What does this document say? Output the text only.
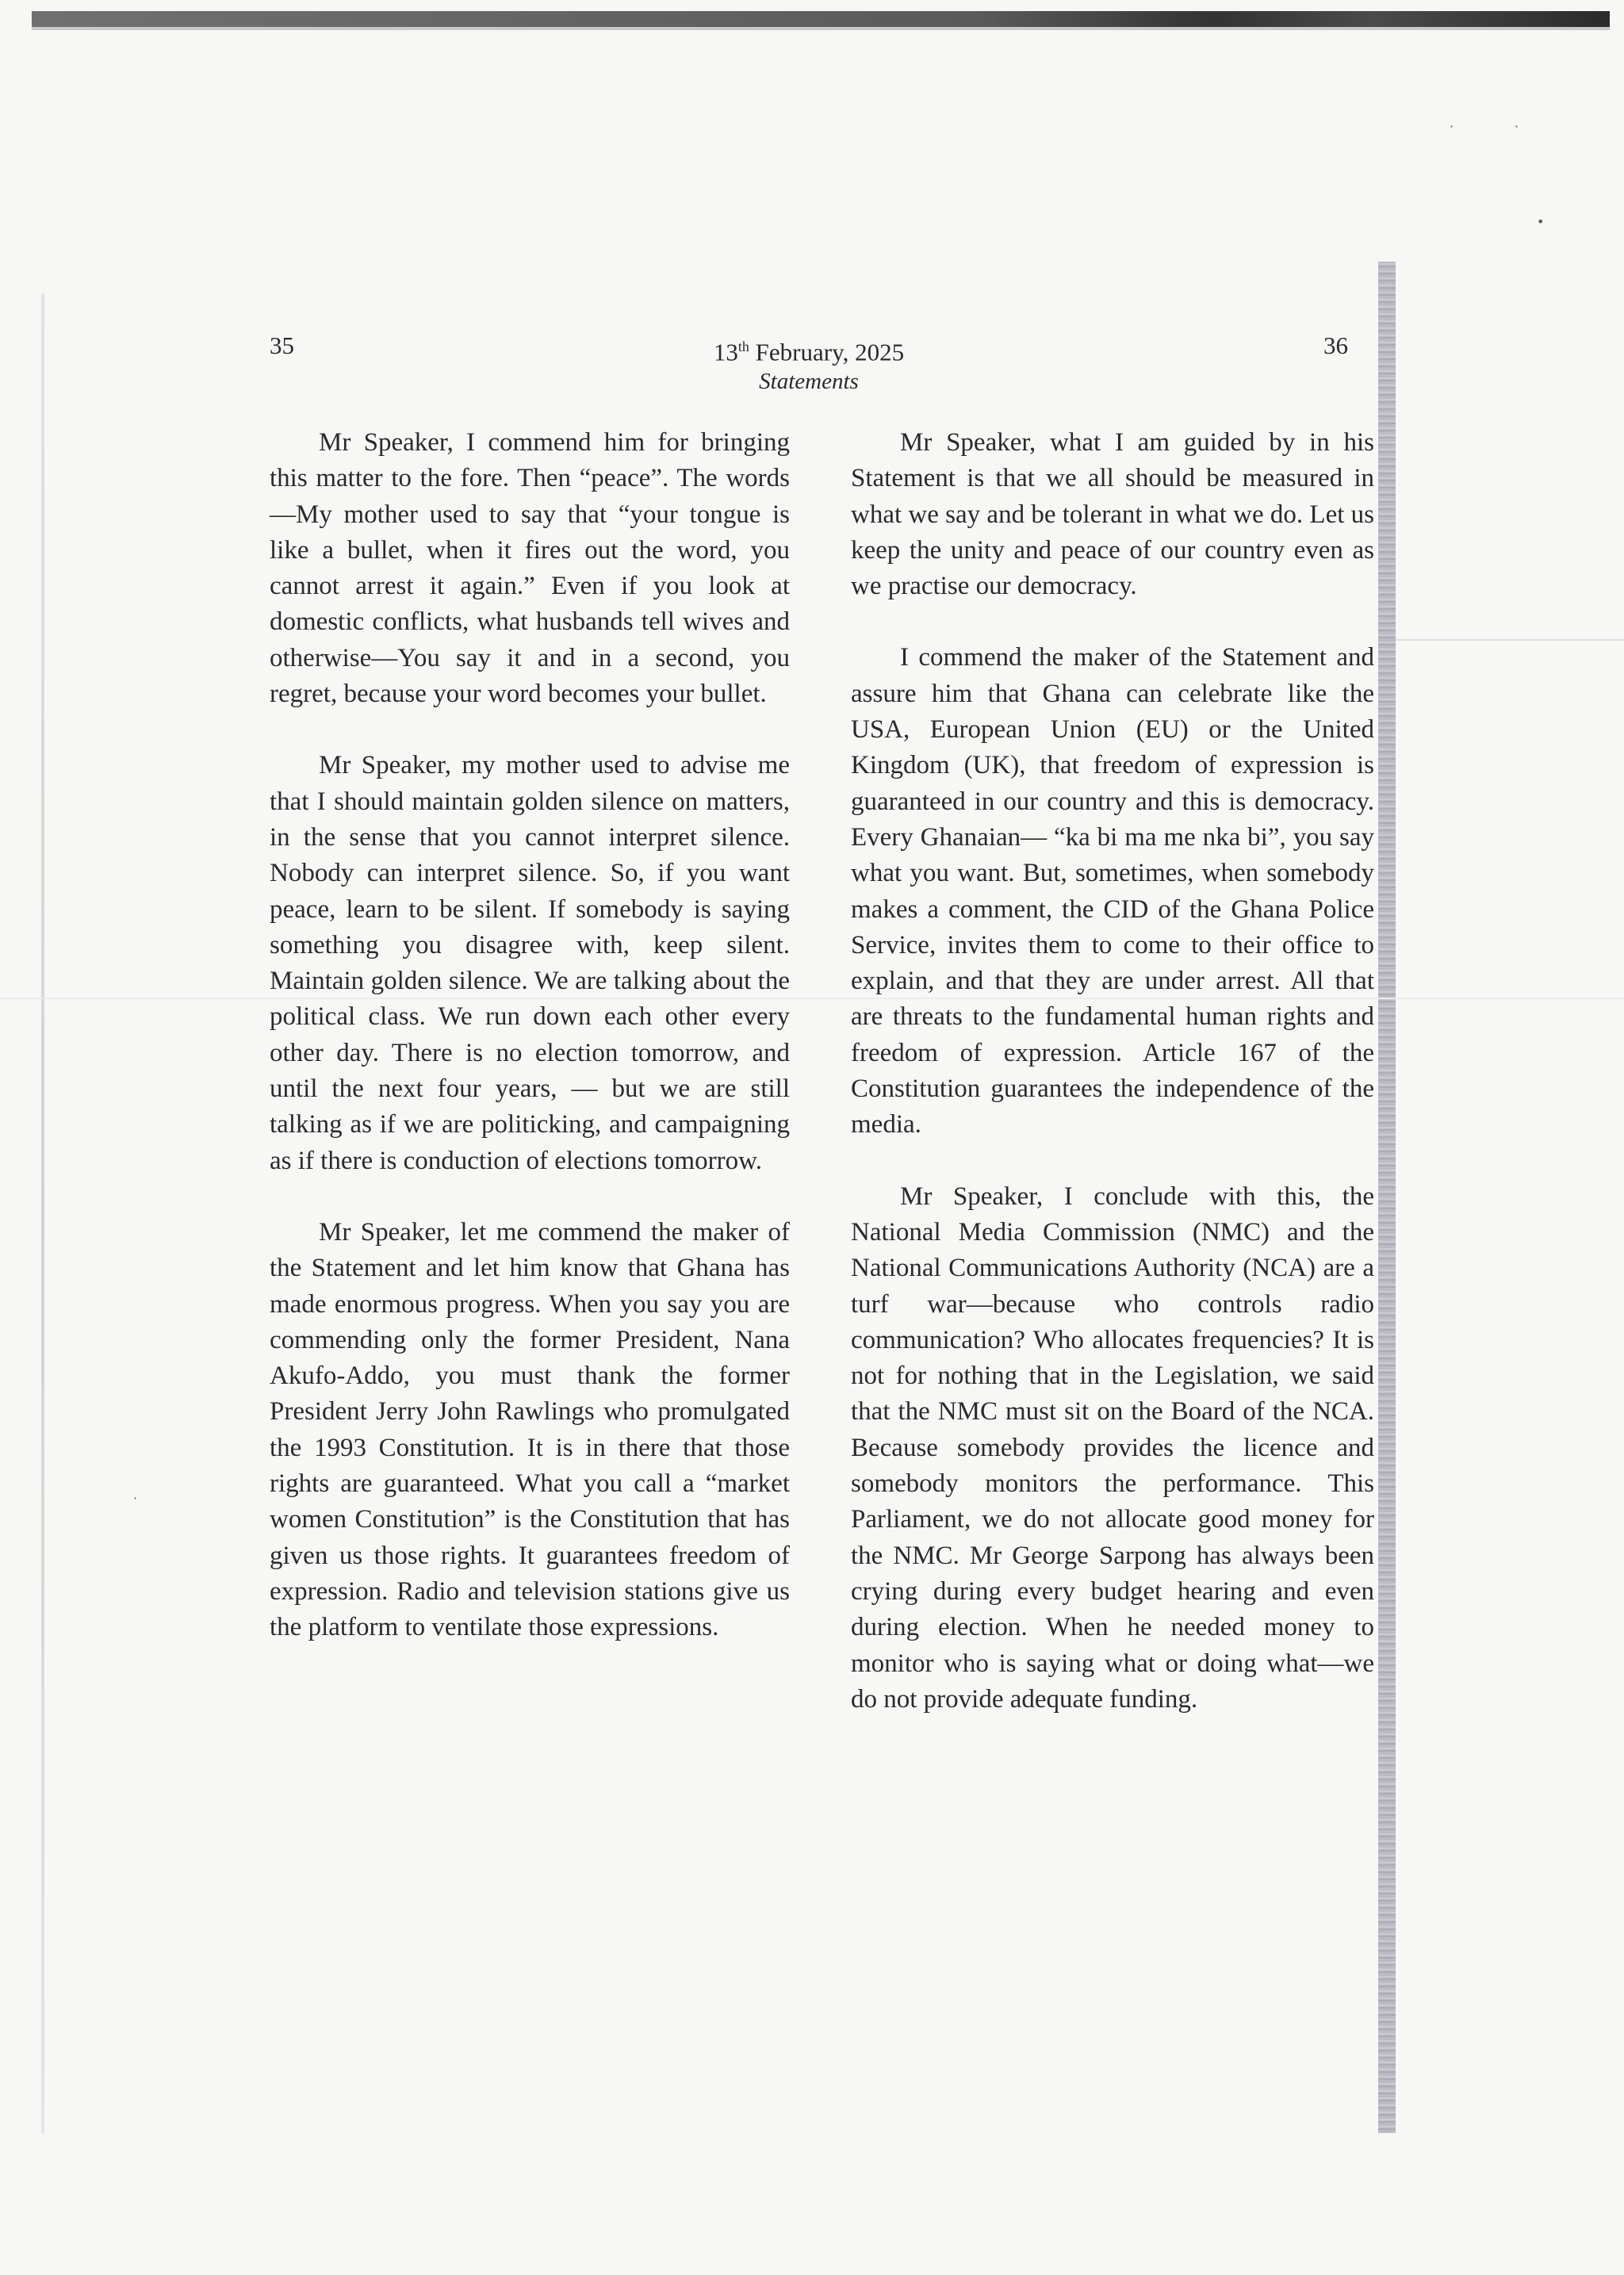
·	·
•
·
35	13th February, 2025
Statements
36

Mr Speaker, I commend him for bringing this matter to the fore. Then “peace”. The words—My mother used to say that “your tongue is like a bullet, when it fires out the word, you cannot arrest it again.” Even if you look at domestic conflicts, what husbands tell wives and otherwise—You say it and in a second, you regret, because your word becomes your bullet.

Mr Speaker, my mother used to advise me that I should maintain golden silence on matters, in the sense that you cannot interpret silence. Nobody can interpret silence. So, if you want peace, learn to be silent. If somebody is saying something you disagree with, keep silent. Maintain golden silence. We are talking about the political class. We run down each other every other day. There is no election tomorrow, and until the next four years, — but we are still talking as if we are politicking, and campaigning as if there is conduction of elections tomorrow.

Mr Speaker, let me commend the maker of the Statement and let him know that Ghana has made enormous progress. When you say you are commending only the former President, Nana Akufo-Addo, you must thank the former President Jerry John Rawlings who promulgated the 1993 Constitution. It is in there that those rights are guaranteed. What you call a “market women Constitution” is the Constitution that has given us those rights. It guarantees freedom of expression. Radio and television stations give us the platform to ventilate those expressions.

Mr Speaker, what I am guided by in his Statement is that we all should be measured in what we say and be tolerant in what we do. Let us keep the unity and peace of our country even as we practise our democracy.

I commend the maker of the Statement and assure him that Ghana can celebrate like the USA, European Union (EU) or the United Kingdom (UK), that freedom of expression is guaranteed in our country and this is democracy. Every Ghanaian— “ka bi ma me nka bi”, you say what you want. But, sometimes, when somebody makes a comment, the CID of the Ghana Police Service, invites them to come to their office to explain, and that they are under arrest. All that are threats to the fundamental human rights and freedom of expression. Article 167 of the Constitution guarantees the independence of the media.

Mr Speaker, I conclude with this, the National Media Commission (NMC) and the National Communications Authority (NCA) are a turf war—because who controls radio communication? Who allocates frequencies? It is not for nothing that in the Legislation, we said that the NMC must sit on the Board of the NCA. Because somebody provides the licence and somebody monitors the performance. This Parliament, we do not allocate good money for the NMC. Mr George Sarpong has always been crying during every budget hearing and even during election. When he needed money to monitor who is saying what or doing what—we do not provide adequate funding.
